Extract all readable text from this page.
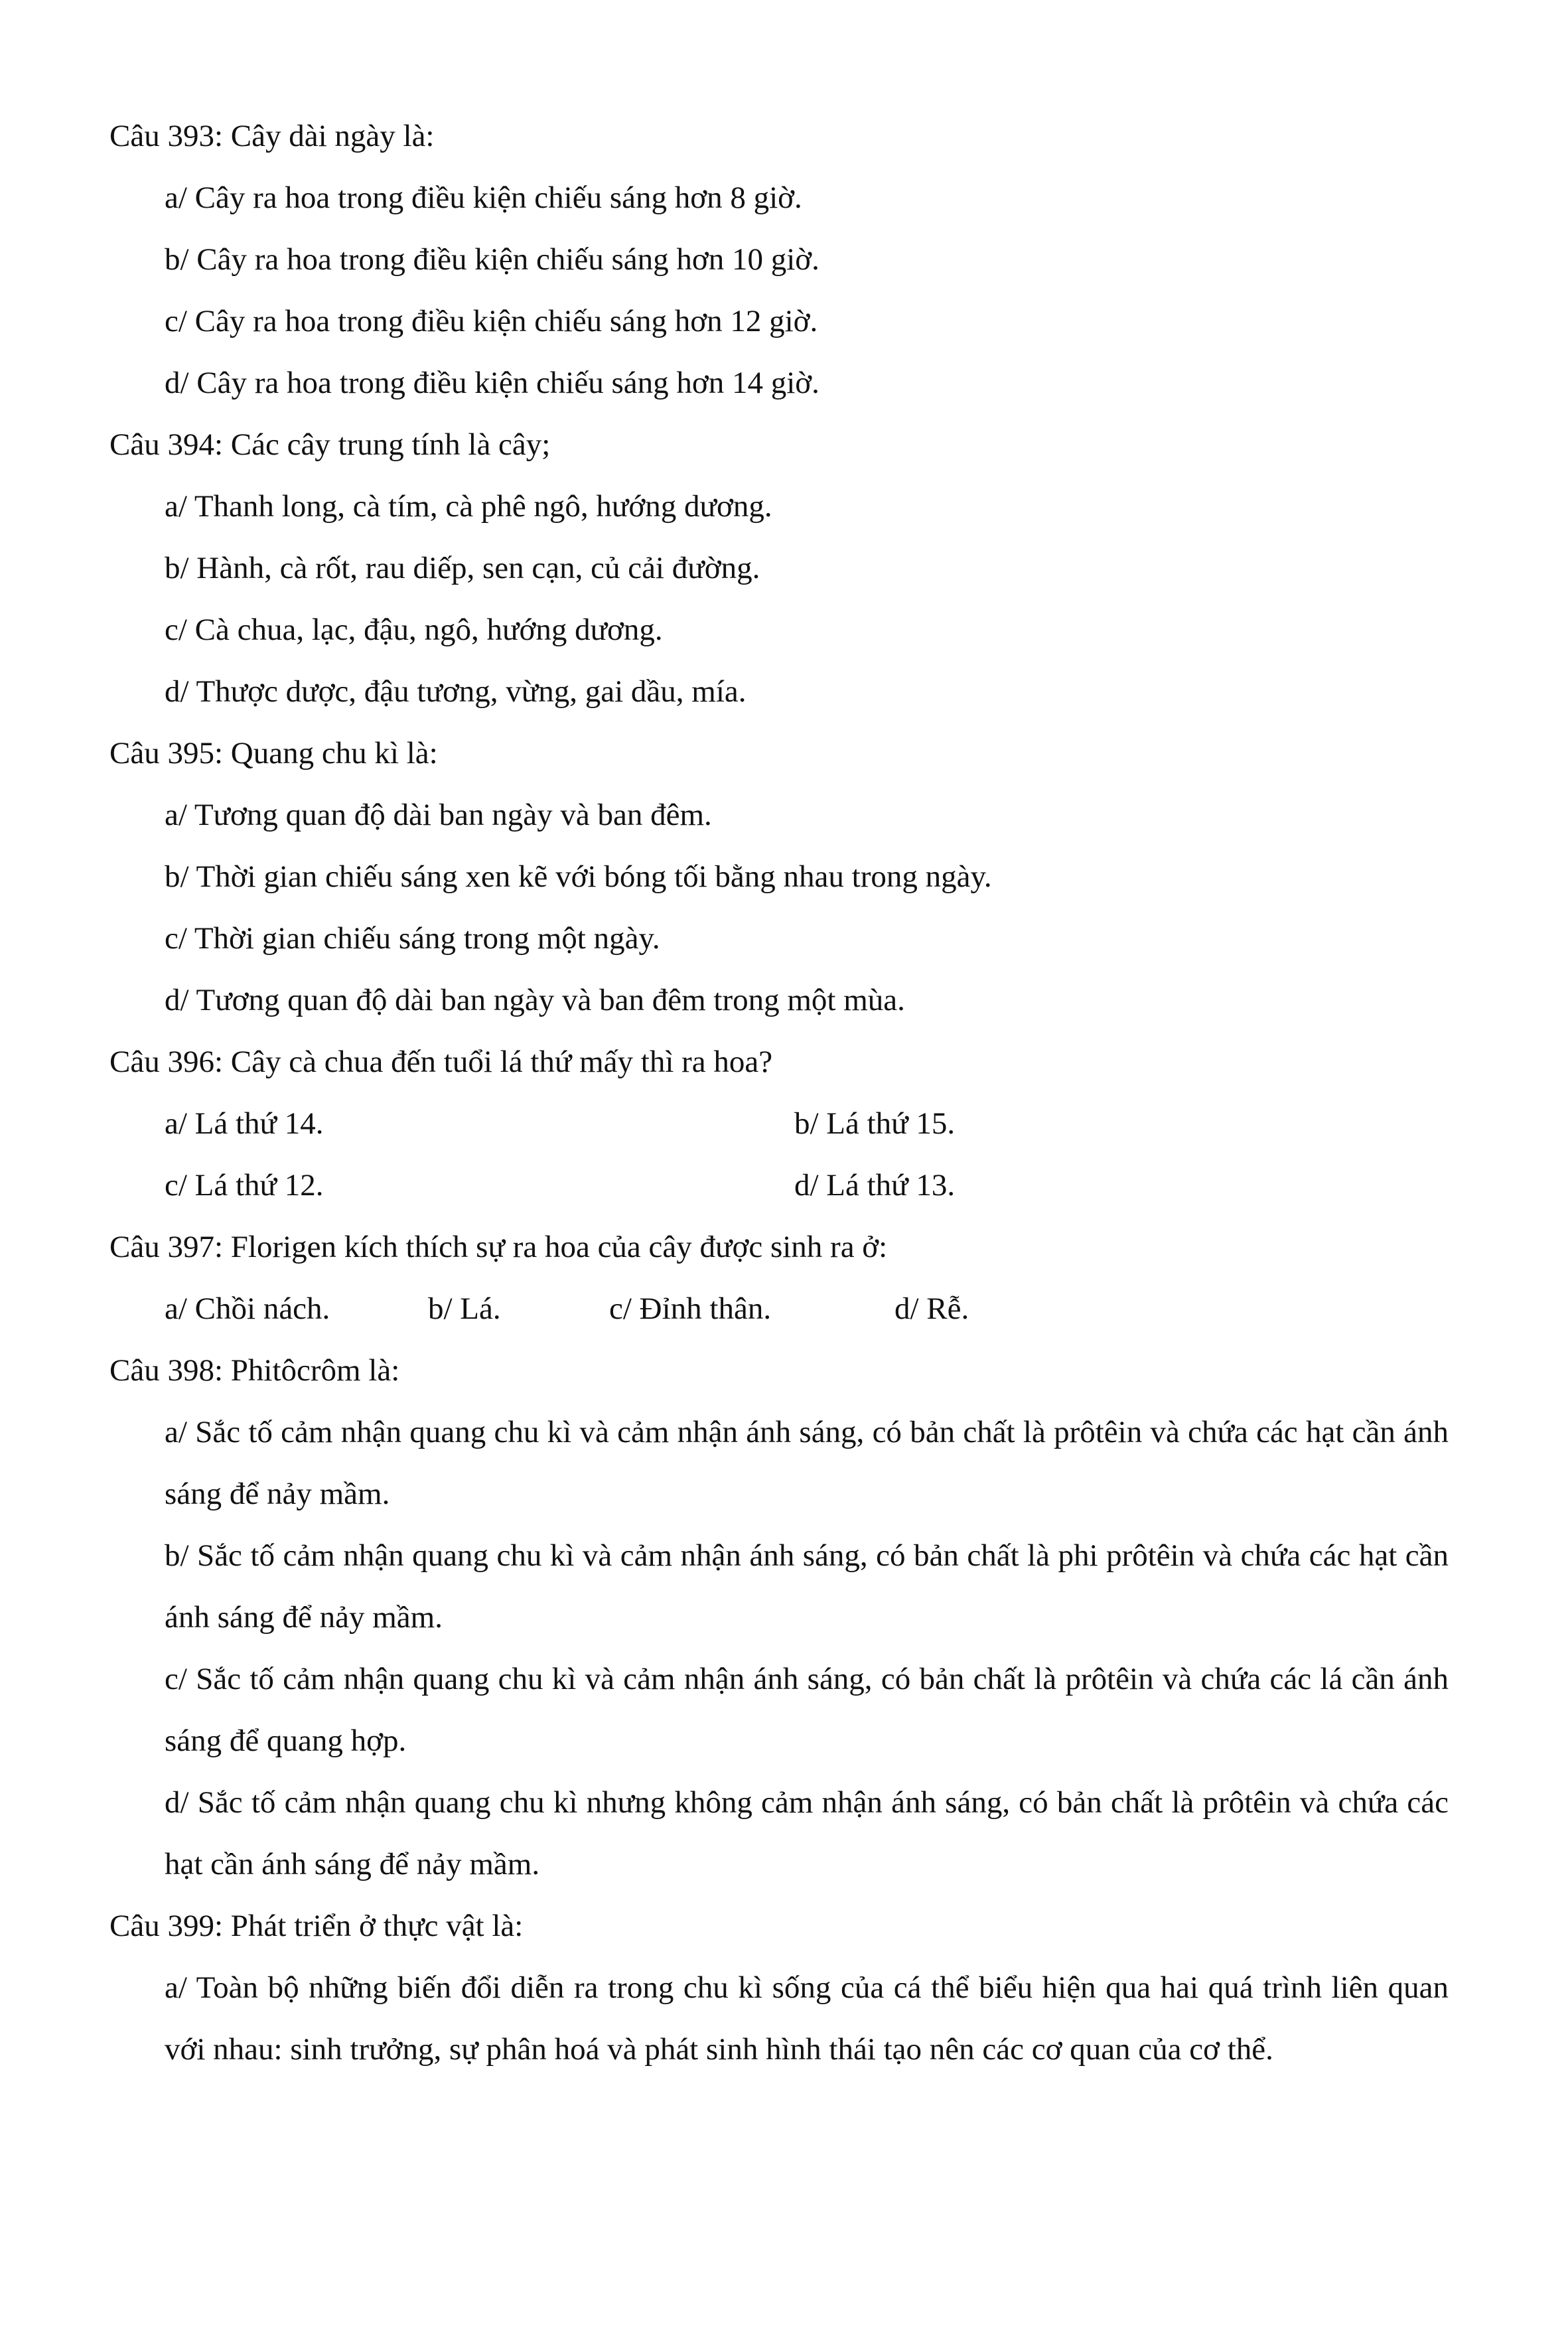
Câu 393: Cây dài ngày là:
a/ Cây ra hoa trong điều kiện chiếu sáng hơn 8 giờ.
b/ Cây ra hoa trong điều kiện chiếu sáng hơn 10 giờ.
c/ Cây ra hoa trong điều kiện chiếu sáng hơn 12 giờ.
d/ Cây ra hoa trong điều kiện chiếu sáng hơn 14 giờ.
Câu 394: Các cây trung tính là cây;
a/ Thanh long, cà tím, cà phê ngô, hướng dương.
b/ Hành, cà rốt, rau diếp, sen cạn, củ cải đường.
c/ Cà chua, lạc, đậu, ngô, hướng dương.
d/ Thược dược, đậu tương, vừng, gai dầu, mía.
Câu 395: Quang chu kì là:
a/ Tương quan độ dài ban ngày và ban đêm.
b/ Thời gian chiếu sáng xen kẽ với bóng tối bằng nhau trong ngày.
c/ Thời gian chiếu sáng trong một ngày.
d/ Tương quan độ dài ban ngày và ban đêm trong một mùa.
Câu 396: Cây cà chua đến tuổi lá thứ mấy thì ra hoa?
a/ Lá thứ 14.	b/ Lá thứ 15.
c/ Lá thứ 12.	d/ Lá thứ 13.
Câu 397: Florigen kích thích sự ra hoa của cây được sinh ra ở:
a/ Chồi nách.	b/ Lá.	c/ Đỉnh thân.	d/ Rễ.
Câu 398: Phitôcrôm là:
a/ Sắc tố cảm nhận quang chu kì và cảm nhận ánh sáng, có bản chất là prôtêin và chứa các hạt cần ánh sáng để nảy mầm.
b/ Sắc tố cảm nhận quang chu kì và cảm nhận ánh sáng, có bản chất là phi prôtêin và chứa các hạt cần ánh sáng để nảy mầm.
c/ Sắc tố cảm nhận quang chu kì và cảm nhận ánh sáng, có bản chất là prôtêin và chứa các lá cần ánh sáng để quang hợp.
d/ Sắc tố cảm nhận quang chu kì nhưng không cảm nhận ánh sáng, có bản chất là prôtêin và chứa các hạt cần ánh sáng để nảy mầm.
Câu 399: Phát triển ở thực vật là:
a/ Toàn bộ những biến đổi diễn ra trong chu kì sống của cá thể biểu hiện qua hai quá trình liên quan với nhau: sinh trưởng, sự phân hoá và phát sinh hình thái tạo nên các cơ quan của cơ thể.
